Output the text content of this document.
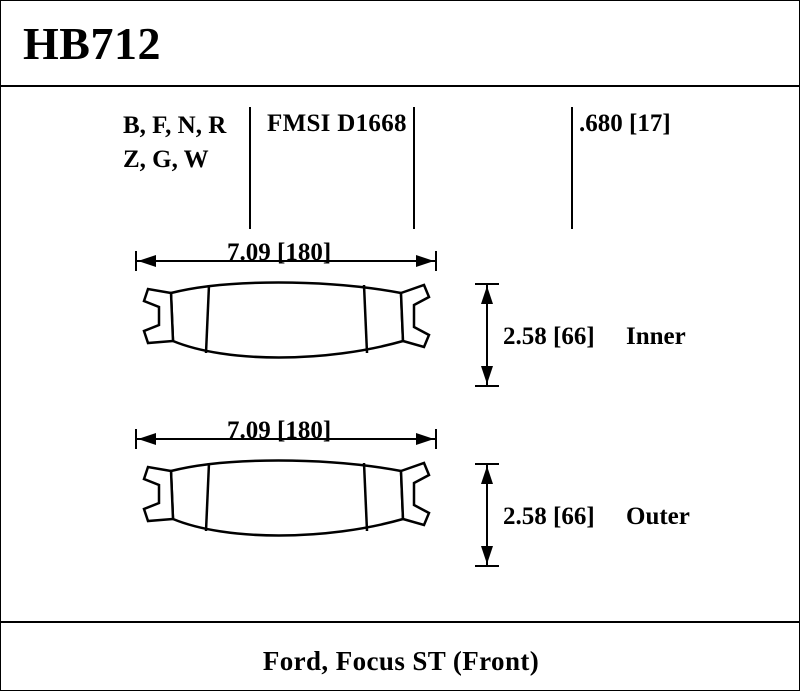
HB712
B, F, N, R
Z, G, W
FMSI D1668	.680 [17]
7.09 [180]
2.58 [66] Inner
7.09 [180]
2.58 [66] Outer
Ford, Focus ST (Front)
